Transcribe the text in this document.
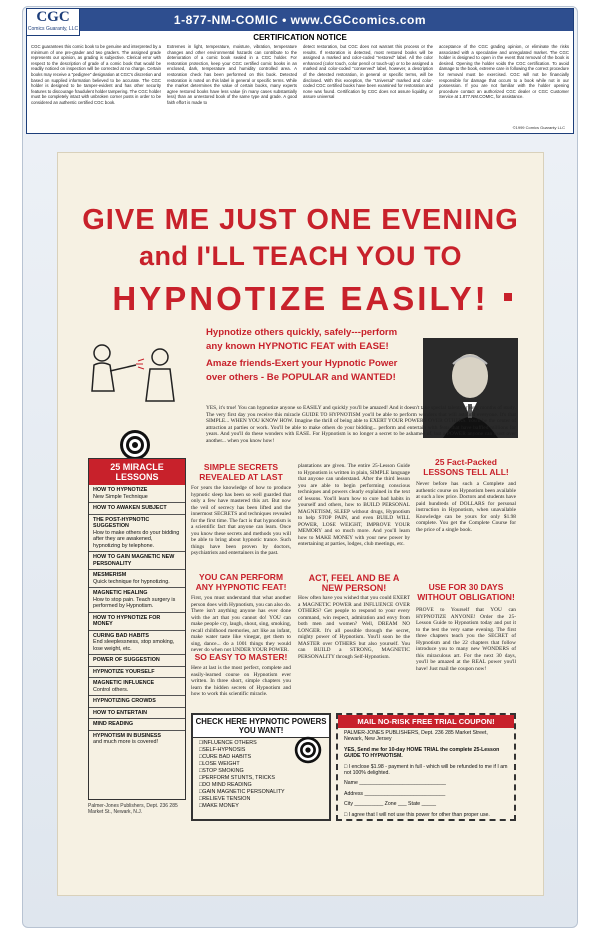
CGC
Comics Guaranty, LLC
1-877-NM-COMIC • www.CGCcomics.com
CERTIFICATION NOTICE
CGC guarantees this comic book to be genuine and interpreted by a minimum of one pre-grader and two graders. The assigned grade represents our opinion, as grading is subjective. Clerical error with respect to the description of grade of a comic book that would be readily noticed on inspection will be corrected at no charge. Certain books may receive a "pedigree" designation at CGC's discretion and based on supplied information believed to be accurate. The CGC holder is designed to be tamper-evident and has other security features to discourage fraudulent holder tampering. The CGC holder must be completely intact with unbroken corner posts in order to be considered an authentic certified CGC book.
Extremes in light, temperature, moisture, vibration, temperature changes and other environmental hazards can contribute to the deterioration of a comic book sealed in a CGC holder. For restoration protection, keep your CGC certified comic books in an enclosed, dark, temperature and humidity controlled area. A restoration check has been performed on this book. Detected restoration is noted on this label in general or specific terms. While the market determines the value of certain books, many experts agree restored books have less value (in many cases substantially less) than an unrestored book of the same type and grade. A good faith effort is made to
detect restoration, but CGC does not warrant this process or the results. If restoration is detected, most restored books will be assigned a marked and color-coded "restored" label. All the color enhanced (color touch, color pencil or touch-up) or to be assigned a marked and color-coded "conserved" label, however, a description of the detected restoration, in general or specific terms, will be disclosed. With this exception, the "Universal" marked and color-coded CGC certified books have been examined for restoration and none was found. Certification by CGC does not assure liquidity, or assure universal
acceptance of the CGC grading opinion, or eliminate the risks associated with a speculative and unregulated market. The CGC holder is designed to open in the event that removal of the book is desired. Opening the holder voids the CGC certification. To avoid damage to the book, extreme care in following the correct procedure for removal must be exercised. CGC will not be financially responsible for damage that occurs to a book while not in our possession. If you are not familiar with the holder opening procedure contact an authorized CGC dealer or CGC Customer Service at 1.877.NM.COMIC, for assistance.
©1999 Comics Guaranty LLC
GIVE ME JUST ONE EVENING
and I'LL TEACH YOU TO
HYPNOTIZE EASILY!
Hypnotize others quickly, safely---perform any known HYPNOTIC FEAT with EASE!
Amaze friends-Exert your Hypnotic Power over others - Be POPULAR and WANTED!
YES, it's true! You can hypnotize anyone so EASILY and quickly you'll be amazed! And it doesn't take special talents or long months of study. The very first day you receive this miracle GUIDE TO HYPNOTISM you'll be able to perform wonders that will astound everyone. It's that SIMPLE... WHEN YOU KNOW HOW. Imagine the thrill of being able to EXERT YOUR POWERS OVER OTHERS. You'll be the center of attraction at parties or work. You'll be able to make others do your bidding... perform and entertain with feats that have baffled millions for years. And you'll do these wonders with EASE. For Hypnotism is no longer a secret to be ashamed of, but a POWER anyone can exert over another... when you know how!
25 MIRACLE LESSONS
HOW TO HYPNOTIZE
New Simple Technique
HOW TO AWAKEN SUBJECT
THE POST-HYPNOTIC SUGGESTION
How to make others do your bidding after they are awakened, hypnotizing by telephone.
HOW TO GAIN MAGNETIC NEW PERSONALITY
MESMERISM
Quick technique for hypnotizing.
MAGNETIC HEALING
How to stop pain. Teach surgery is performed by Hypnotism.
HOW TO HYPNOTIZE FOR MONEY
CURING BAD HABITS
End sleeplessness, stop smoking, lose weight, etc.
POWER OF SUGGESTION
HYPNOTIZE YOURSELF
MAGNETIC INFLUENCE
Control others.
HYPNOTIZING CROWDS
HOW TO ENTERTAIN
MIND READING
HYPNOTISM IN BUSINESS
and much more is covered!
Palmer-Jones Publishers, Dept. 236 285 Market St., Newark, N.J.
SIMPLE SECRETS REVEALED AT LAST
For years the knowledge of how to produce hypnotic sleep has been so well guarded that only a few have mastered this art. But now the veil of secrecy has been lifted and the innermost SECRETS and techniques revealed for the first time. The fact is that hypnotism is a scientific fact that anyone can learn. Once you know these secrets and methods you will be able to bring about hypnotic trance. Such things have been proven by doctors, psychiatrists and entertainers in the past.
YOU CAN PERFORM ANY HYPNOTIC FEAT!
First, you must understand that what another person does with Hypnotism, you can also do. There isn't anything anyone has ever done with the art that you cannot do! YOU can make people cry, laugh, shout, sing, smoking, recall childhood memories, act like an infant, make water taste like vinegar, get them to sing, dance... do a 1001 things they would never do when not UNDER YOUR POWER.
SO EASY TO MASTER!
Here at last is the most perfect, complete and easily-learned course on Hypnotism ever written. In three short, simple chapters you learn the hidden secrets of Hypnotism and how to work this scientific miracle.
plantations are given. The entire 25-Lesson Guide to Hypnotism is written in plain, SIMPLE language that anyone can understand. After the third lesson you are able to begin performing conscious techniques and powers clearly explained in the text of lessons. You'll learn how to cure bad habits in yourself and others, how to BUILD PERSONAL MAGNETISM, SLEEP without drugs, Hypnotism to help STOP PAIN, and even BUILD WILL POWER, LOSE WEIGHT, IMPROVE YOUR MEMORY and so much more. And you'll learn how to MAKE MONEY with your new power by entertaining at parties, lodges, club meetings, etc.
ACT, FEEL AND BE A NEW PERSON!
How often have you wished that you could EXERT a MAGNETIC POWER and INFLUENCE OVER OTHERS? Get people to respond to your every command, win respect, admiration and envy from both men and women? Well, DREAM NO LONGER. It's all possible through the secret, mighty power of Hypnotism. You'll soon be the MASTER over OTHERS but also yourself. You can BUILD a STRONG, MAGNETIC PERSONALITY through Self-Hypnotism.
25 Fact-Packed LESSONS TELL ALL!
Never before has such a Complete and authentic course on Hypnotism been available at such a low price. Doctors and students have paid hundreds of DOLLARS for personal instruction in Hypnotism, when unavailable Knowledge can be yours for only $1.98 complete. You get the Complete Course for the price of a single book.
USE FOR 30 DAYS WITHOUT OBLIGATION!
PROVE to Yourself that YOU can HYPNOTIZE ANYONE! Order the 25-Lesson Guide to Hypnotism today and put it to the test the very same evening. The first three chapters teach you the SECRET of Hypnotism and the 22 chapters that follow introduce you to many new WONDERS of this miraculous art. For the next 30 days, you'll be amazed at the REAL power you'll have! Just mail the coupon now!
CHECK HERE HYPNOTIC POWERS YOU WANT!
□ INFLUENCE OTHERS
□ SELF-HYPNOSIS
□ CURE BAD HABITS
□ LOSE WEIGHT
□ STOP SMOKING
□ PERFORM STUNTS, TRICKS
□ DO MIND READING
□ GAIN MAGNETIC PERSONALITY
□ RELIEVE TENSION
□ MAKE MONEY
MAIL NO-RISK FREE TRIAL COUPON!
PALMER-JONES PUBLISHERS, Dept. 236 285 Market Street, Newark, New Jersey
YES, Send me for 10-day HOME TRIAL the complete 25-Lesson GUIDE TO HYPNOTISM.
□ I enclose $1.98 - payment in full - which will be refunded to me if I am not 100% delighted.
Name ______________________________
Address ____________________________
City __________ Zone ___ State _____
□ I agree that I will not use this power for other than proper use.
